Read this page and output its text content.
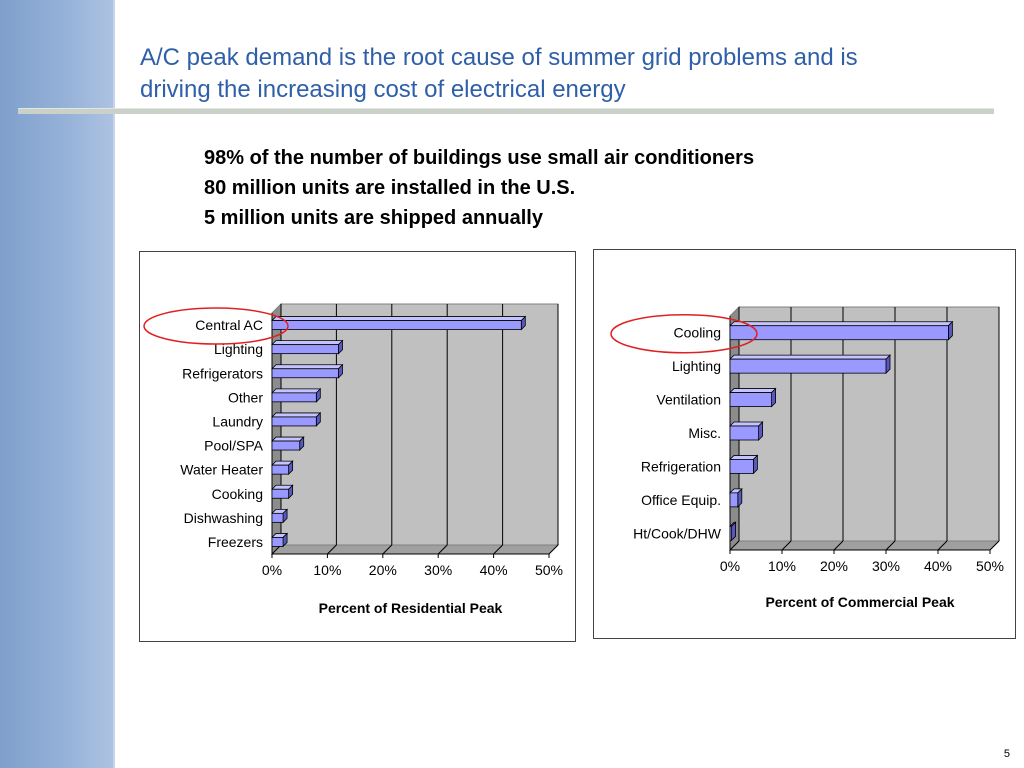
A/C peak demand is the root cause of summer grid problems and is
driving the increasing cost of electrical energy
98% of the number of buildings use small air conditioners
80 million units are installed in the U.S.
5 million units are shipped annually
0% 10% 20% 30% 40% 50%
Central AC
Lighting
Refrigerators
Other
Laundry
Pool/SPA
Water Heater
Cooking
Dishwashing
Freezers
Percent of Residential Peak
0% 10% 20% 30% 40% 50%
Cooling
Lighting
Ventilation
Misc.
Refrigeration
Office Equip.
Ht/Cook/DHW
Percent of Commercial Peak
5
